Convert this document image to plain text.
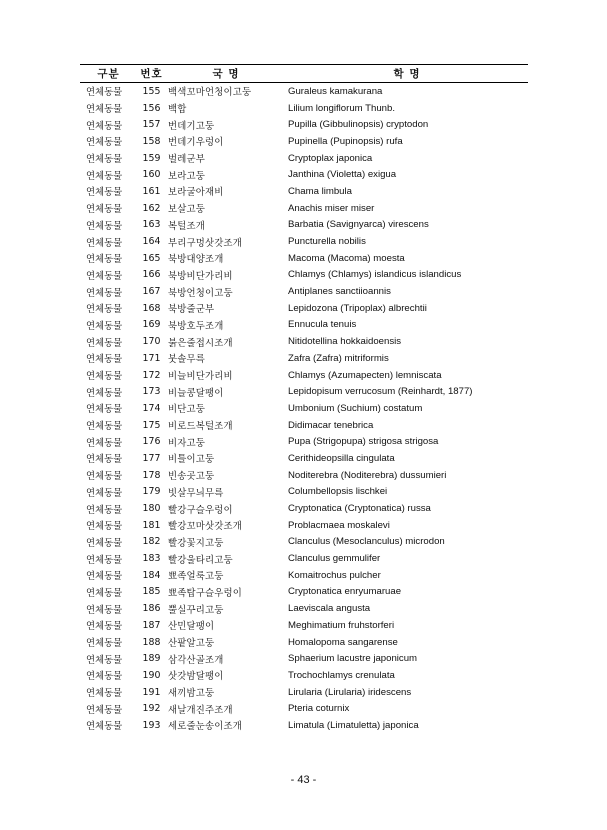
구분	번호	국 명	학 명
연체동물	155	백색꼬마언청이고둥	Guraleus kamakurana
연체동물	156	백합	Lilium longiflorum Thunb.
연체동물	157	번데기고둥	Pupilla (Gibbulinopsis) cryptodon
연체동물	158	번데기우렁이	Pupinella (Pupinopsis) rufa
연체동물	159	벌레군부	Cryptoplax japonica
연체동물	160	보라고둥	Janthina (Violetta) exigua
연체동물	161	보라굴아재비	Chama limbula
연체동물	162	보살고둥	Anachis miser miser
연체동물	163	복털조개	Barbatia (Savignyarca) virescens
연체동물	164	부리구멍삿갓조개	Puncturella nobilis
연체동물	165	북방대양조개	Macoma (Macoma) moesta
연체동물	166	북방비단가리비	Chlamys (Chlamys) islandicus islandicus
연체동물	167	북방언청이고둥	Antiplanes sanctiioannis
연체동물	168	북방줄군부	Lepidozona (Tripoplax) albrechtii
연체동물	169	북방호두조개	Ennucula tenuis
연체동물	170	붉은줄접시조개	Nitidotellina hokkaidoensis
연체동물	171	붓솔무륵	Zafra (Zafra) mitriformis
연체동물	172	비늘비단가리비	Chlamys (Azumapecten) lemniscata
연체동물	173	비늘콩달팽이	Lepidopisum verrucosum (Reinhardt, 1877)
연체동물	174	비단고둥	Umbonium (Suchium) costatum
연체동물	175	비로드복털조개	Didimacar tenebrica
연체동물	176	비자고둥	Pupa (Strigopupa) strigosa strigosa
연체동물	177	비틀이고둥	Cerithideopsilla cingulata
연체동물	178	빈송곳고둥	Noditerebra (Noditerebra) dussumieri
연체동물	179	빗살무늬무륵	Columbellopsis lischkei
연체동물	180	빨강구슬우렁이	Cryptonatica (Cryptonatica) russa
연체동물	181	빨강꼬마삿갓조개	Problacmaea moskalevi
연체동물	182	빨강꽃지고둥	Clanculus (Mesoclanculus) microdon
연체동물	183	빨강울타리고둥	Clanculus gemmulifer
연체동물	184	뾰족얼룩고둥	Komaitrochus pulcher
연체동물	185	뾰족탑구슬우렁이	Cryptonatica enryumaruae
연체동물	186	뿔실꾸리고둥	Laeviscala angusta
연체동물	187	산민달팽이	Meghimatium fruhstorferi
연체동물	188	산팥알고둥	Homalopoma sangarense
연체동물	189	삼각산골조개	Sphaerium lacustre japonicum
연체동물	190	삿갓밤달팽이	Trochochlamys crenulata
연체동물	191	새끼밤고둥	Lirularia (Lirularia) iridescens
연체동물	192	새날개진주조개	Pteria coturnix
연체동물	193	세로줄눈송이조개	Limatula (Limatuletta) japonica
- 43 -
